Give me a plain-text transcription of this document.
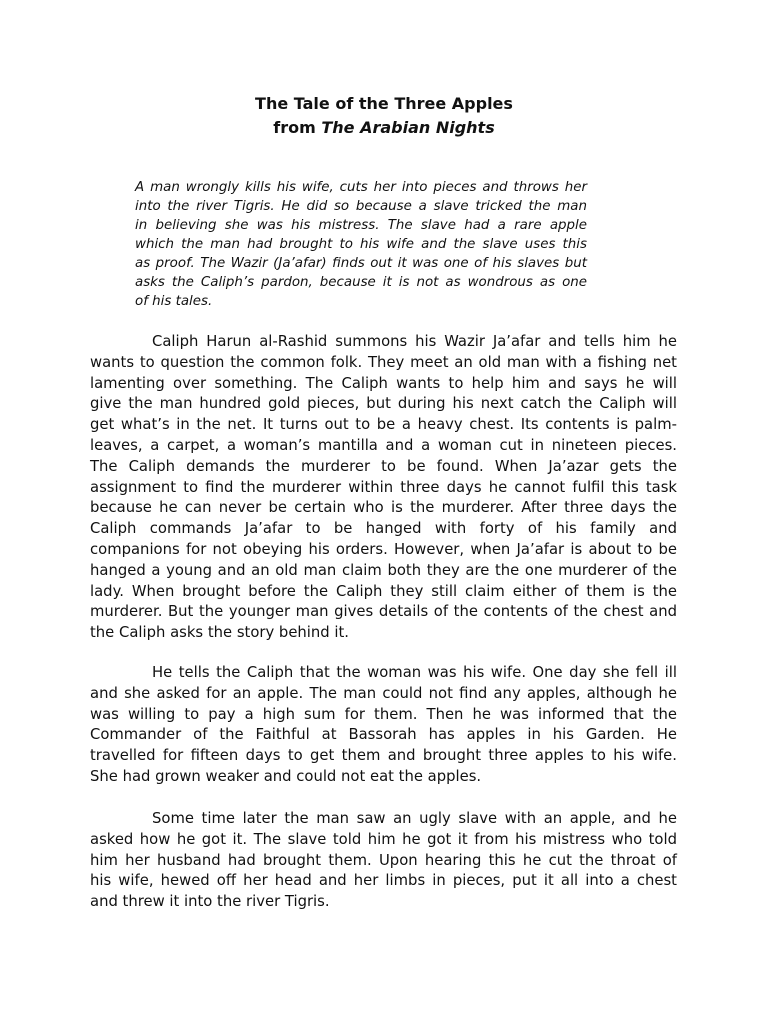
The Tale of the Three Apples
from The Arabian Nights
A man wrongly kills his wife, cuts her into pieces and throws her
into the river Tigris. He did so because a slave tricked the man
in believing she was his mistress. The slave had a rare apple
which the man had brought to his wife and the slave uses this
as proof. The Wazir (Ja’afar) finds out it was one of his slaves but
asks the Caliph’s pardon, because it is not as wondrous as one
of his tales.
Caliph Harun al-Rashid summons his Wazir Ja’afar and tells him he
wants to question the common folk. They meet an old man with a fishing net
lamenting over something. The Caliph wants to help him and says he will
give the man hundred gold pieces, but during his next catch the Caliph will
get what’s in the net. It turns out to be a heavy chest. Its contents is palm-
leaves, a carpet, a woman’s mantilla and a woman cut in nineteen pieces.
The Caliph demands the murderer to be found. When Ja’azar gets the
assignment to find the murderer within three days he cannot fulfil this task
because he can never be certain who is the murderer. After three days the
Caliph commands Ja’afar to be hanged with forty of his family and
companions for not obeying his orders. However, when Ja’afar is about to be
hanged a young and an old man claim both they are the one murderer of the
lady. When brought before the Caliph they still claim either of them is the
murderer. But the younger man gives details of the contents of the chest and
the Caliph asks the story behind it.
He tells the Caliph that the woman was his wife. One day she fell ill
and she asked for an apple. The man could not find any apples, although he
was willing to pay a high sum for them. Then he was informed that the
Commander of the Faithful at Bassorah has apples in his Garden. He
travelled for fifteen days to get them and brought three apples to his wife.
She had grown weaker and could not eat the apples.
Some time later the man saw an ugly slave with an apple, and he
asked how he got it. The slave told him he got it from his mistress who told
him her husband had brought them. Upon hearing this he cut the throat of
his wife, hewed off her head and her limbs in pieces, put it all into a chest
and threw it into the river Tigris.
